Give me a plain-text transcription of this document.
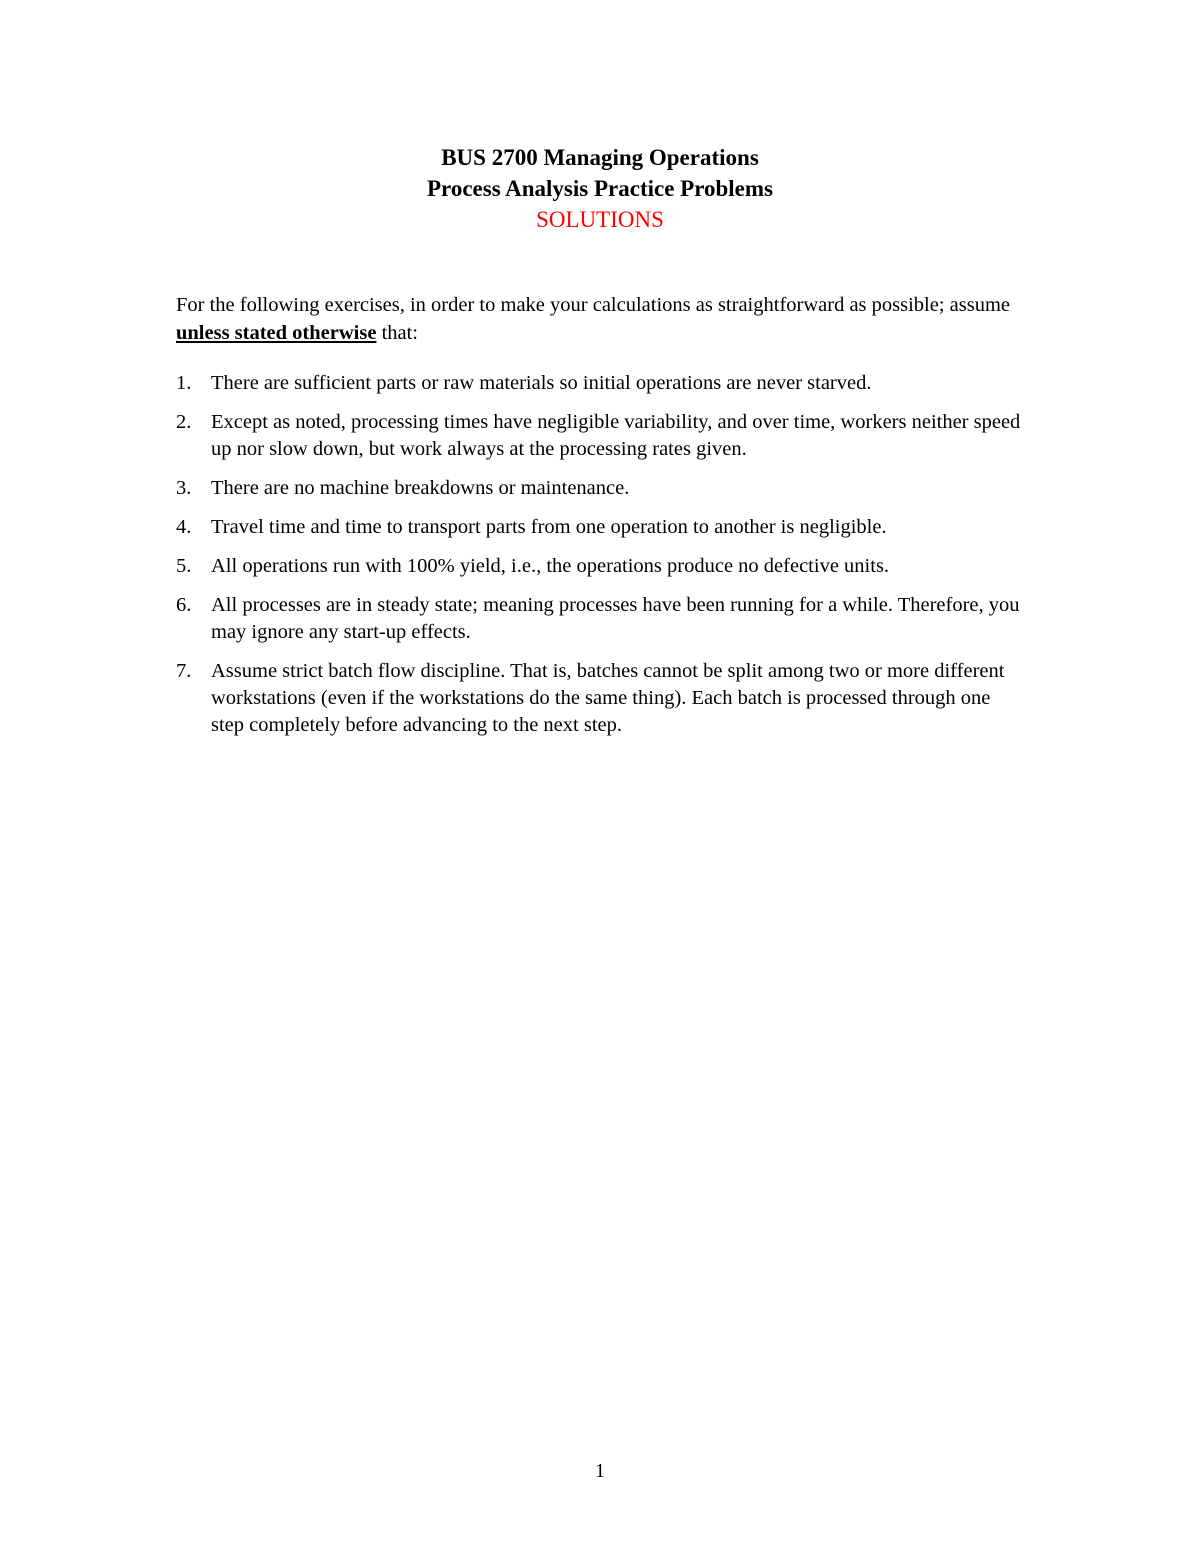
BUS 2700 Managing Operations

Process Analysis Practice Problems

SOLUTIONS

For the following exercises, in order to make your calculations as straightforward as possible; assume unless stated otherwise that:

1. There are sufficient parts or raw materials so initial operations are never starved.
2. Except as noted, processing times have negligible variability, and over time, workers neither speed up nor slow down, but work always at the processing rates given.
3. There are no machine breakdowns or maintenance.
4. Travel time and time to transport parts from one operation to another is negligible.
5. All operations run with 100% yield, i.e., the operations produce no defective units.
6. All processes are in steady state; meaning processes have been running for a while. Therefore, you may ignore any start-up effects.
7. Assume strict batch flow discipline. That is, batches cannot be split among two or more different workstations (even if the workstations do the same thing). Each batch is processed through one step completely before advancing to the next step.
1
